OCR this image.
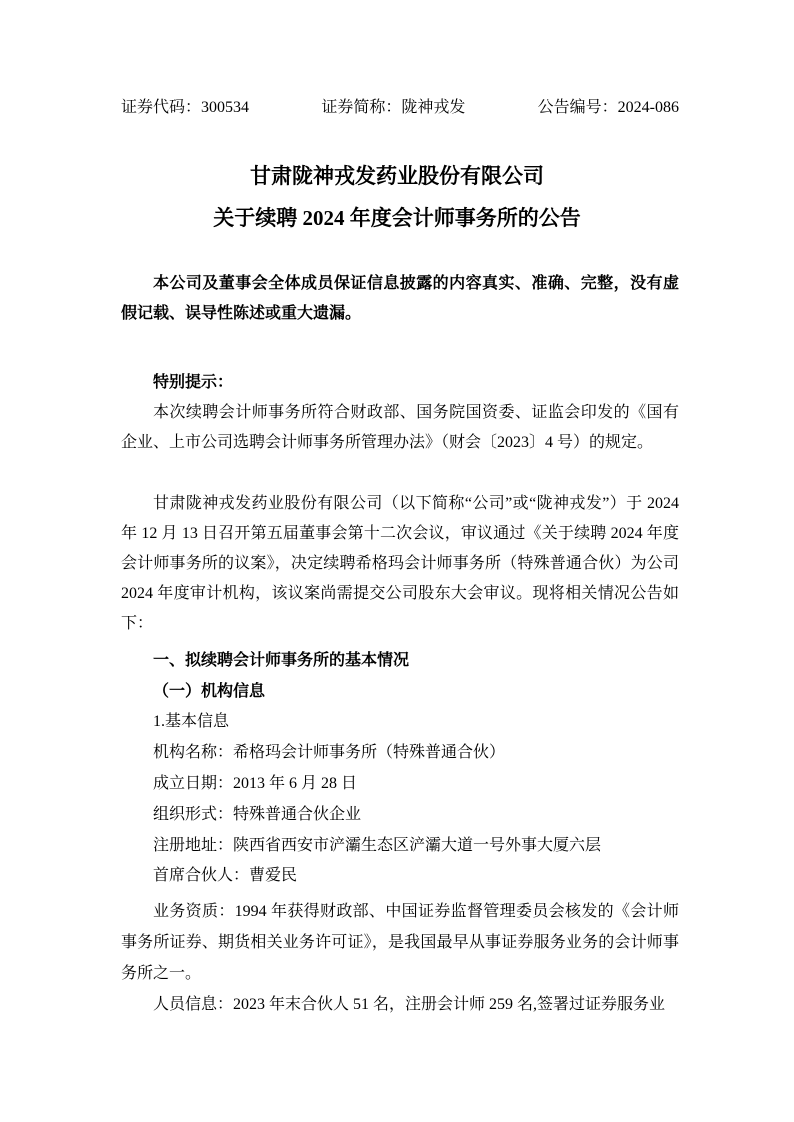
证券代码：300534	证券简称：陇神戎发	公告编号：2024-086
甘肃陇神戎发药业股份有限公司
关于续聘 2024 年度会计师事务所的公告

本公司及董事会全体成员保证信息披露的内容真实、准确、完整，没有虚假记载、误导性陈述或重大遗漏。

特别提示：

本次续聘会计师事务所符合财政部、国务院国资委、证监会印发的《国有企业、上市公司选聘会计师事务所管理办法》（财会〔2023〕4 号）的规定。

甘肃陇神戎发药业股份有限公司（以下简称“公司”或“陇神戎发”）于 2024 年 12 月 13 日召开第五届董事会第十二次会议，审议通过《关于续聘 2024 年度会计师事务所的议案》，决定续聘希格玛会计师事务所（特殊普通合伙）为公司 2024 年度审计机构，该议案尚需提交公司股东大会审议。现将相关情况公告如下：

一、拟续聘会计师事务所的基本情况

（一）机构信息

1.基本信息

机构名称：希格玛会计师事务所（特殊普通合伙）

成立日期：2013 年 6 月 28 日

组织形式：特殊普通合伙企业

注册地址：陕西省西安市浐灞生态区浐灞大道一号外事大厦六层

首席合伙人：曹爱民

业务资质：1994 年获得财政部、中国证券监督管理委员会核发的《会计师事务所证券、期货相关业务许可证》，是我国最早从事证券服务业务的会计师事务所之一。

人员信息：2023 年末合伙人 51 名，注册会计师 259 名,签署过证券服务业
